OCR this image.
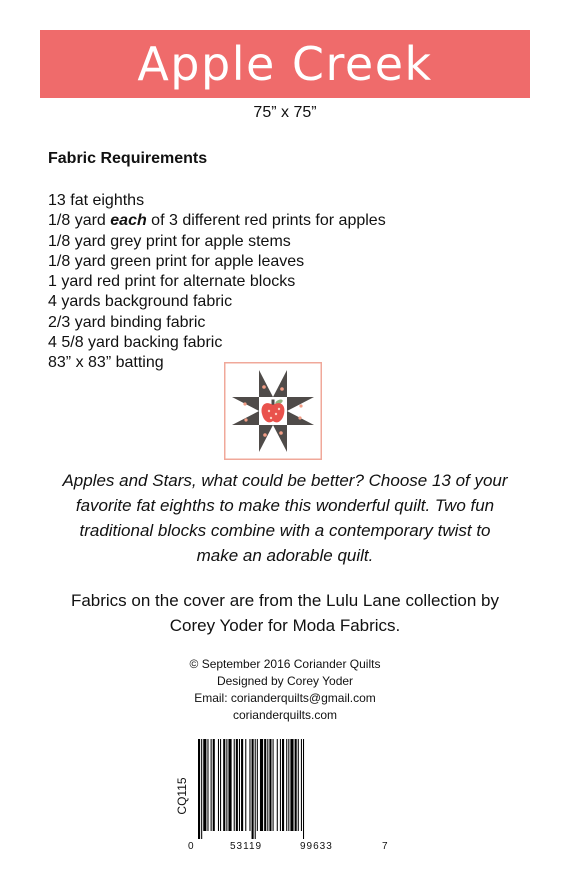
Apple Creek
75” x 75”
Fabric Requirements
13 fat eighths
1/8 yard each of 3 different red prints for apples
1/8 yard grey print for apple stems
1/8 yard green print for apple leaves
1 yard red print for alternate blocks
4 yards background fabric
2/3 yard binding fabric
4 5/8 yard backing fabric
83” x 83” batting

Apples and Stars, what could be better? Choose 13 of your

favorite fat eighths to make this wonderful quilt. Two fun

traditional blocks combine with a contemporary twist to

make an adorable quilt.

Fabrics on the cover are from the Lulu Lane collection by

Corey Yoder for Moda Fabrics.

© September 2016 Coriander Quilts

Designed by Corey Yoder

Email: corianderquilts@gmail.com

corianderquilts.com

CQ115
0	53119	99633	7
